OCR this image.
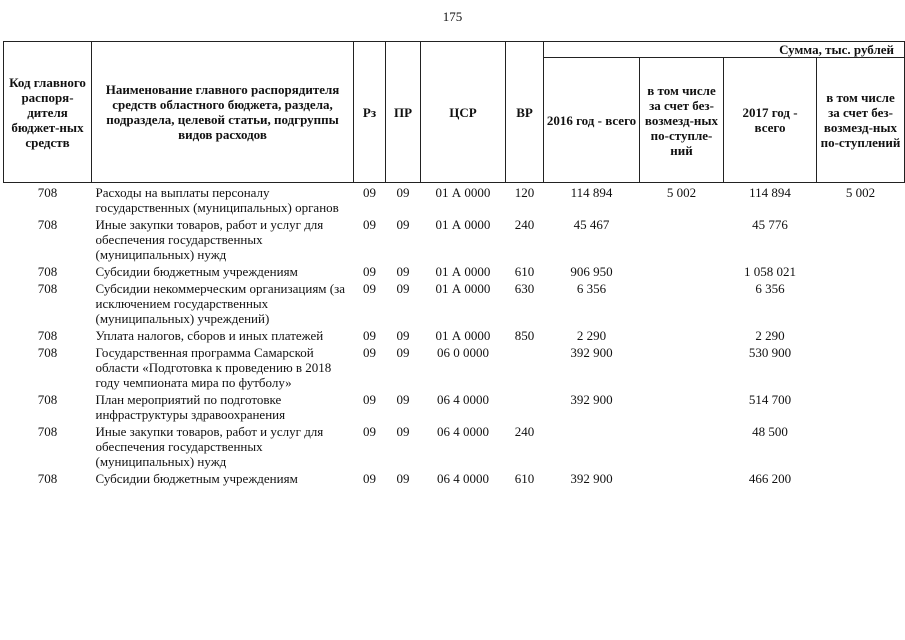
175
Код главного распоря-дителя бюджет-ных средств	Наименование главного распорядителя средств областного бюджета, раздела, подраздела, целевой статьи, подгруппы видов расходов	Рз	ПР	ЦСР	ВР	Сумма, тыс. рублей			
						2016 год - всего	в том числе за счет без-возмезд-ных по-ступле-ний	2017 год - всего	в том числе за счет без-возмезд-ных по-ступлений
708	Расходы на выплаты персоналу государственных (муниципальных) органов	09	09	01 А 0000	120	114 894	5 002	114 894	5 002
708	Иные закупки товаров, работ и услуг для обеспечения государственных (муниципальных) нужд	09	09	01 А 0000	240	45 467		45 776	
708	Субсидии бюджетным учреждениям	09	09	01 А 0000	610	906 950		1 058 021	
708	Субсидии некоммерческим организациям (за исключением государственных (муниципальных) учреждений)	09	09	01 А 0000	630	6 356		6 356	
708	Уплата налогов, сборов и иных платежей	09	09	01 А 0000	850	2 290		2 290	
708	Государственная программа Самарской области «Подготовка к проведению в 2018 году чемпионата мира по футболу»	09	09	06 0 0000		392 900		530 900	
708	План мероприятий по подготовке инфраструктуры здравоохранения	09	09	06 4 0000		392 900		514 700	
708	Иные закупки товаров, работ и услуг для обеспечения государственных (муниципальных) нужд	09	09	06 4 0000	240			48 500	
708	Субсидии бюджетным учреждениям	09	09	06 4 0000	610	392 900		466 200	
